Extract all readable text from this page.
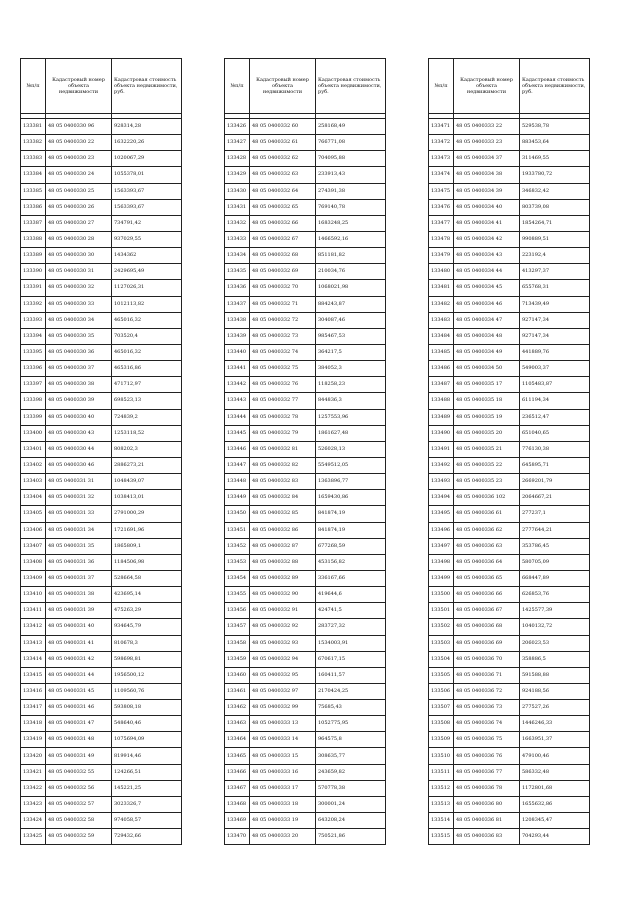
№п/п	Кадастровый номер объекта недвижимости	Кадастровая стоимость объекта недвижимости, руб.

133381	48 05 0400330 96	928314,28
133382	48 05 0400330 22	1632220,26
133383	48 05 0400330 23	1020067,29
133384	48 05 0400330 24	1055378,01
133385	48 05 0400330 25	1563393,67
133386	48 05 0400330 26	1563393,67
133387	48 05 0400330 27	734791,42
133388	48 05 0400330 28	937029,55
133389	48 05 0400330 30	1434362
133390	48 05 0400330 31	2429695,49
133391	48 05 0400330 32	1127026,31
133392	48 05 0400330 33	1012113,82
133393	48 05 0400330 34	465016,32
133394	48 05 0400330 35	703520,4
133395	48 05 0400330 36	465016,32
133396	48 05 0400330 37	465316,86
133397	48 05 0400330 38	471712,97
133398	48 05 0400330 39	698523,13
133399	48 05 0400330 40	724839,2
133400	48 05 0400330 43	1253118,52
133401	48 05 0400330 44	808202,3
133402	48 05 0400330 46	2886273,21
133403	48 05 0400331 31	1048439,07
133404	48 05 0400331 32	1038413,01
133405	48 05 0400331 33	2791000,29
133406	48 05 0400331 34	1721691,96
133407	48 05 0400331 35	1865809,1
133408	48 05 0400331 36	1184506,98
133409	48 05 0400331 37	528664,58
133410	48 05 0400331 38	423695,14
133411	48 05 0400331 39	475263,29
133412	48 05 0400331 40	934645,79
133413	48 05 0400331 41	810678,3
133414	48 05 0400331 42	598698,81
133415	48 05 0400331 44	1956500,12
133416	48 05 0400331 45	1109560,76
133417	48 05 0400331 46	593808,18
133418	48 05 0400331 47	548640,46
133419	48 05 0400331 48	1075694,09
133420	48 05 0400331 49	819914,46
133421	48 05 0400332 55	124266,51
133422	48 05 0400332 56	145221,25
133423	48 05 0400332 57	3023326,7
133424	48 05 0400332 58	974058,57
133425	48 05 0400332 59	729432,66
№п/п	Кадастровый номер объекта недвижимости	Кадастровая стоимость объекта недвижимости, руб.

133426	48 05 0400332 60	258168,49
133427	48 05 0400332 61	766771,08
133428	48 05 0400332 62	704095,88
133429	48 05 0400332 63	233913,43
133430	48 05 0400332 64	274391,38
133431	48 05 0400332 65	769140,78
133432	48 05 0400332 66	1683248,25
133433	48 05 0400332 67	1466592,16
133434	48 05 0400332 68	851181,82
133435	48 05 0400332 69	210034,76
133436	48 05 0400332 70	1068021,98
133437	48 05 0400332 71	884243,87
133438	48 05 0400332 72	304087,46
133439	48 05 0400332 73	985467,53
133440	48 05 0400332 74	364217,5
133441	48 05 0400332 75	384052,3
133442	48 05 0400332 76	118258,23
133443	48 05 0400332 77	844836,3
133444	48 05 0400332 78	1257553,96
133445	48 05 0400332 79	1861627,48
133446	48 05 0400332 81	526028,13
133447	48 05 0400332 82	5549512,05
133448	48 05 0400332 83	1363896,77
133449	48 05 0400332 84	1659430,86
133450	48 05 0400332 85	841874,19
133451	48 05 0400332 86	841874,19
133452	48 05 0400332 87	677268,59
133453	48 05 0400332 88	453156,82
133454	48 05 0400332 89	336167,66
133455	48 05 0400332 90	419644,6
133456	48 05 0400332 91	424741,5
133457	48 05 0400332 92	283727,32
133458	48 05 0400332 93	1534003,91
133459	48 05 0400332 94	670617,15
133460	48 05 0400332 95	160411,57
133461	48 05 0400332 97	2170424,25
133462	48 05 0400332 99	75685,43
133463	48 05 0400333 13	1052775,95
133464	48 05 0400333 14	964575,8
133465	48 05 0400333 15	308635,77
133466	48 05 0400333 16	243659,82
133467	48 05 0400333 17	570778,38
133468	48 05 0400333 18	300001,24
133469	48 05 0400333 19	643208,24
133470	48 05 0400333 20	750521,86
№п/п	Кадастровый номер объекта недвижимости	Кадастровая стоимость объекта недвижимости, руб.

133471	48 05 0400333 22	529538,78
133472	48 05 0400333 23	883453,64
133473	48 05 0400334 37	311469,55
133474	48 05 0400334 38	1933780,72
133475	48 05 0400334 39	346832,42
133476	48 05 0400334 40	803739,08
133477	48 05 0400334 41	1854264,71
133478	48 05 0400334 42	990889,51
133479	48 05 0400334 43	223192,4
133480	48 05 0400334 44	413297,37
133481	48 05 0400334 45	655768,31
133482	48 05 0400334 46	713439,49
133483	48 05 0400334 47	927147,34
133484	48 05 0400334 48	927147,34
133485	48 05 0400334 49	441889,76
133486	48 05 0400334 50	549003,37
133487	48 05 0400335 17	1105483,87
133488	48 05 0400335 18	611194,34
133489	48 05 0400335 19	236512,47
133490	48 05 0400335 20	651040,65
133491	48 05 0400335 21	776130,38
133492	48 05 0400335 22	645895,71
133493	48 05 0400335 23	2669201,79
133494	48 05 0400336 102	2064667,21
133495	48 05 0400336 61	277237,1
133496	48 05 0400336 62	2777644,21
133497	48 05 0400336 63	353786,45
133498	48 05 0400336 64	580705,09
133499	48 05 0400336 65	668447,89
133500	48 05 0400336 66	626853,76
133501	48 05 0400336 67	1425577,39
133502	48 05 0400336 68	1040132,72
133503	48 05 0400336 69	206023,53
133504	48 05 0400336 70	358886,5
133505	48 05 0400336 71	591588,88
133506	48 05 0400336 72	924188,56
133507	48 05 0400336 73	277527,26
133508	48 05 0400336 74	1446246,33
133509	48 05 0400336 75	1663951,37
133510	48 05 0400336 76	479100,46
133511	48 05 0400336 77	586332,48
133512	48 05 0400336 78	1172801,68
133513	48 05 0400336 80	1655632,86
133514	48 05 0400336 81	1208345,47
133515	48 05 0400336 83	704293,44
